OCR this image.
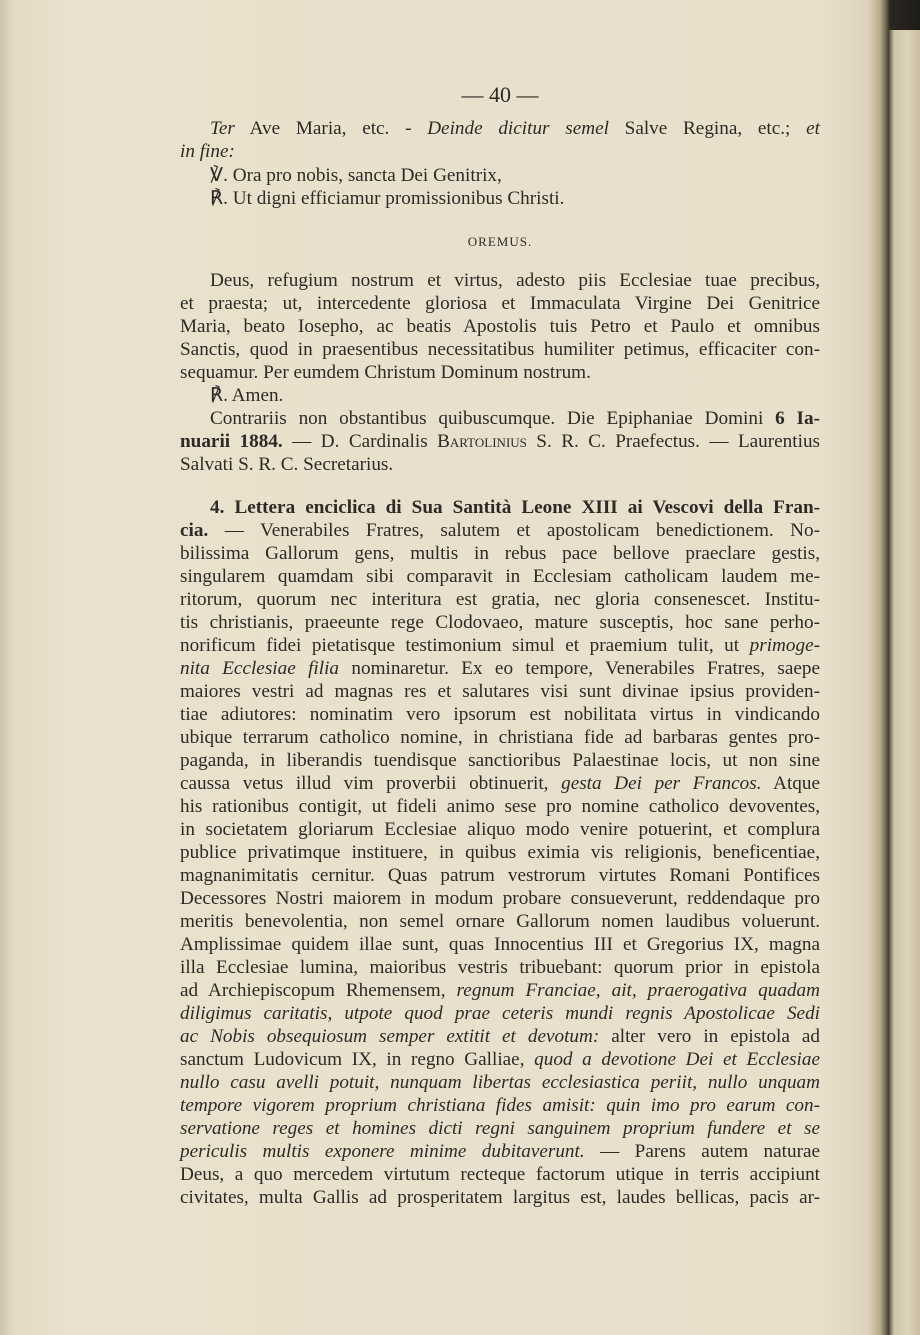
— 40 —
Ter Ave Maria, etc. - Deinde dicitur semel Salve Regina, etc.; et
in fine:
℣. Ora pro nobis, sancta Dei Genitrix,
℟. Ut digni efficiamur promissionibus Christi.
OREMUS.
Deus, refugium nostrum et virtus, adesto piis Ecclesiae tuae precibus,
et praesta; ut, intercedente gloriosa et Immaculata Virgine Dei Genitrice
Maria, beato Iosepho, ac beatis Apostolis tuis Petro et Paulo et omnibus
Sanctis, quod in praesentibus necessitatibus humiliter petimus, efficaciter con-
sequamur. Per eumdem Christum Dominum nostrum.
℟. Amen.
Contrariis non obstantibus quibuscumque. Die Epiphaniae Domini 6 Ia-
nuarii 1884. — D. Cardinalis Bartolinius S. R. C. Praefectus. — Laurentius
Salvati S. R. C. Secretarius.
4. Lettera enciclica di Sua Santità Leone XIII ai Vescovi della Fran-
cia. — Venerabiles Fratres, salutem et apostolicam benedictionem. No-
bilissima Gallorum gens, multis in rebus pace bellove praeclare gestis,
singularem quamdam sibi comparavit in Ecclesiam catholicam laudem me-
ritorum, quorum nec interitura est gratia, nec gloria consenescet. Institu-
tis christianis, praeeunte rege Clodovaeo, mature susceptis, hoc sane perho-
norificum fidei pietatisque testimonium simul et praemium tulit, ut primoge-
nita Ecclesiae filia nominaretur. Ex eo tempore, Venerabiles Fratres, saepe
maiores vestri ad magnas res et salutares visi sunt divinae ipsius providen-
tiae adiutores: nominatim vero ipsorum est nobilitata virtus in vindicando
ubique terrarum catholico nomine, in christiana fide ad barbaras gentes pro-
paganda, in liberandis tuendisque sanctioribus Palaestinae locis, ut non sine
caussa vetus illud vim proverbii obtinuerit, gesta Dei per Francos. Atque
his rationibus contigit, ut fideli animo sese pro nomine catholico devoventes,
in societatem gloriarum Ecclesiae aliquo modo venire potuerint, et complura
publice privatimque instituere, in quibus eximia vis religionis, beneficentiae,
magnanimitatis cernitur. Quas patrum vestrorum virtutes Romani Pontifices
Decessores Nostri maiorem in modum probare consueverunt, reddendaque pro
meritis benevolentia, non semel ornare Gallorum nomen laudibus voluerunt.
Amplissimae quidem illae sunt, quas Innocentius III et Gregorius IX, magna
illa Ecclesiae lumina, maioribus vestris tribuebant: quorum prior in epistola
ad Archiepiscopum Rhemensem, regnum Franciae, ait, praerogativa quadam
diligimus caritatis, utpote quod prae ceteris mundi regnis Apostolicae Sedi
ac Nobis obsequiosum semper extitit et devotum: alter vero in epistola ad
sanctum Ludovicum IX, in regno Galliae, quod a devotione Dei et Ecclesiae
nullo casu avelli potuit, nunquam libertas ecclesiastica periit, nullo unquam
tempore vigorem proprium christiana fides amisit: quin imo pro earum con-
servatione reges et homines dicti regni sanguinem proprium fundere et se
periculis multis exponere minime dubitaverunt. — Parens autem naturae
Deus, a quo mercedem virtutum recteque factorum utique in terris accipiunt
civitates, multa Gallis ad prosperitatem largitus est, laudes bellicas, pacis ar-
